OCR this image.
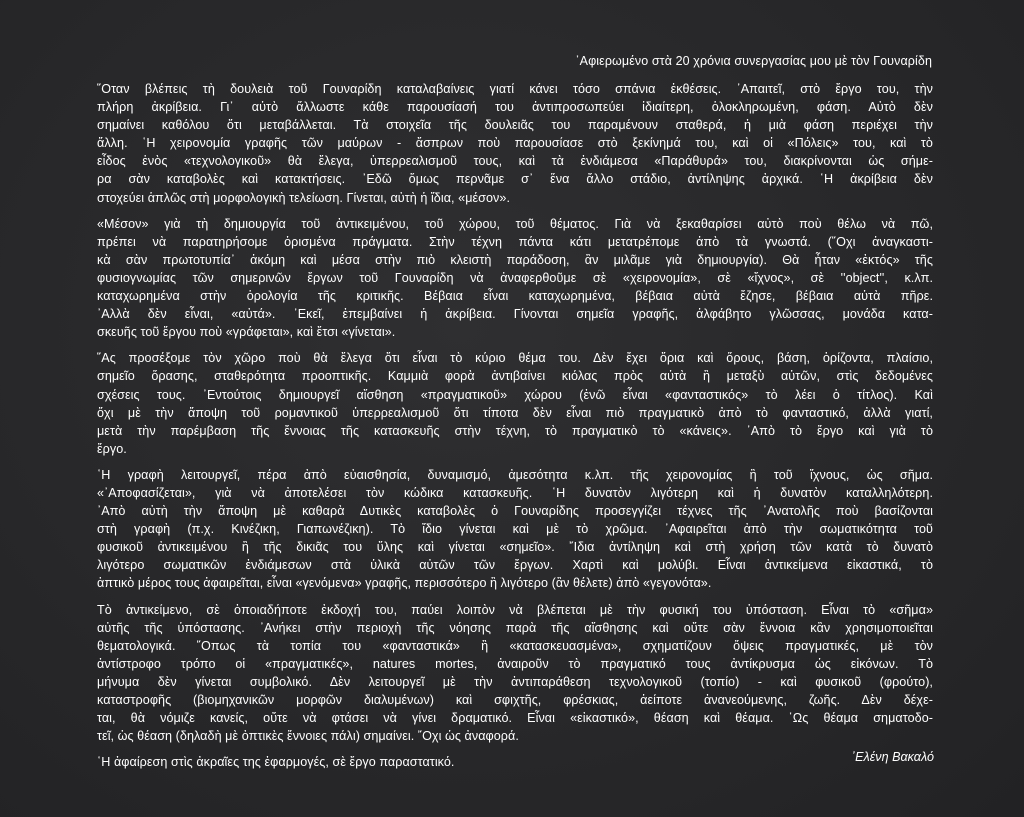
᾿Αφιερωμένο στὰ 20 χρόνια συνεργασίας μου μὲ τὸν Γουναρίδη
῞Οταν βλέπεις τὴ δουλειὰ τοῦ Γουναρίδη καταλαβαίνεις γιατί κάνει τόσο σπάνια ἐκθέσεις. ᾿Απαιτεῖ, στὸ ἔργο του, τὴν
πλήρη ἀκρίβεια. Γι᾿ αὐτὸ ἄλλωστε κάθε παρουσίασή του ἀντιπροσωπεύει ἰδιαίτερη, ὁλοκληρωμένη, φάση. Αὐτὸ δὲν
σημαίνει καθόλου ὅτι μεταβάλλεται. Τὰ στοιχεῖα τῆς δουλειᾶς του παραμένουν σταθερά, ἡ μιὰ φάση περιέχει τὴν
ἄλλη. ῾Η χειρονομία γραφῆς τῶν μαύρων - ἄσπρων ποὺ παρουσίασε στὸ ξεκίνημά του, καὶ οἱ «Πόλεις» του, καὶ τὸ
εἶδος ἑνὸς «τεχνολογικοῦ» θὰ ἔλεγα, ὑπερρεαλισμοῦ τους, καὶ τὰ ἐνδιάμεσα «Παράθυρά» του, διακρίνονται ὡς σήμε-
ρα σὰν καταβολὲς καὶ κατακτήσεις. ᾿Εδῶ ὅμως περνᾶμε σ᾿ ἕνα ἄλλο στάδιο, ἀντίληψης ἀρχικά. ῾Η ἀκρίβεια δὲν
στοχεύει ἁπλῶς στὴ μορφολογικὴ τελείωση. Γίνεται, αὐτὴ ἡ ἴδια, «μέσον».
«Μέσον» γιὰ τὴ δημιουργία τοῦ ἀντικειμένου, τοῦ χώρου, τοῦ θέματος. Γιὰ νὰ ξεκαθαρίσει αὐτὸ ποὺ θέλω νὰ πῶ,
πρέπει νὰ παρατηρήσομε ὁρισμένα πράγματα. Στὴν τέχνη πάντα κάτι μετατρέπομε ἀπὸ τὰ γνωστά. (῞Οχι ἀναγκαστι-
κὰ σὰν πρωτοτυπία᾿ ἀκόμη καὶ μέσα στὴν πιὸ κλειστὴ παράδοση, ἂν μιλᾶμε γιὰ δημιουργία). Θὰ ἦταν «ἐκτός» τῆς
φυσιογνωμίας τῶν σημερινῶν ἔργων τοῦ Γουναρίδη νὰ ἀναφερθοῦμε σὲ «χειρονομία», σὲ «ἴχνος», σὲ ''object'', κ.λπ.
καταχωρημένα στὴν ὁρολογία τῆς κριτικῆς. Βέβαια εἶναι καταχωρημένα, βέβαια αὐτὰ ἔζησε, βέβαια αὐτὰ πῆρε.
᾿Αλλὰ δὲν εἶναι, «αὐτά». ᾿Εκεῖ, ἐπεμβαίνει ἡ ἀκρίβεια. Γίνονται σημεῖα γραφῆς, ἀλφάβητο γλῶσσας, μονάδα κατα-
σκευῆς τοῦ ἔργου ποὺ «γράφεται», καὶ ἔτσι «γίνεται».
῞Ας προσέξομε τὸν χῶρο ποὺ θὰ ἔλεγα ὅτι εἶναι τὸ κύριο θέμα του. Δὲν ἔχει ὅρια καὶ ὅρους, βάση, ὁρίζοντα, πλαίσιο,
σημεῖο ὅρασης, σταθερότητα προοπτικῆς. Καμμιὰ φορὰ ἀντιβαίνει κιόλας πρὸς αὐτὰ ἢ μεταξὺ αὐτῶν, στὶς δεδομένες
σχέσεις τους. ᾿Εντούτοις δημιουργεῖ αἴσθηση «πραγματικοῦ» χώρου (ἐνῶ εἶναι «φανταστικός» τὸ λέει ὁ τίτλος). Καὶ
ὄχι μὲ τὴν ἄποψη τοῦ ρομαντικοῦ ὑπερρεαλισμοῦ ὅτι τίποτα δὲν εἶναι πιὸ πραγματικὸ ἀπὸ τὸ φανταστικό, ἀλλὰ γιατί,
μετὰ τὴν παρέμβαση τῆς ἔννοιας τῆς κατασκευῆς στὴν τέχνη, τὸ πραγματικὸ τὸ «κάνεις». ᾿Απὸ τὸ ἔργο καὶ γιὰ τὸ
ἔργο.
῾Η γραφὴ λειτουργεῖ, πέρα ἀπὸ εὐαισθησία, δυναμισμό, ἀμεσότητα κ.λπ. τῆς χειρονομίας ἢ τοῦ ἴχνους, ὡς σῆμα.
«᾿Αποφασίζεται», γιὰ νὰ ἀποτελέσει τὸν κώδικα κατασκευῆς. ῾Η δυνατὸν λιγότερη καὶ ἡ δυνατὸν καταλληλότερη.
᾿Απὸ αὐτὴ τὴν ἄποψη μὲ καθαρὰ Δυτικὲς καταβολὲς ὁ Γουναρίδης προσεγγίζει τέχνες τῆς ᾿Ανατολῆς ποὺ βασίζονται
στὴ γραφὴ (π.χ. Κινέζικη, Γιαπωνέζικη). Τὸ ἴδιο γίνεται καὶ μὲ τὸ χρῶμα. ᾿Αφαιρεῖται ἀπὸ τὴν σωματικότητα τοῦ
φυσικοῦ ἀντικειμένου ἢ τῆς δικιᾶς του ὕλης καὶ γίνεται «σημεῖο». ῎Ιδια ἀντίληψη καὶ στὴ χρήση τῶν κατὰ τὸ δυνατὸ
λιγότερο σωματικῶν ἐνδιάμεσων στὰ ὑλικὰ αὐτῶν τῶν ἔργων. Χαρτὶ καὶ μολύβι. Εἶναι ἀντικείμενα εἰκαστικά, τὸ
ἁπτικὸ μέρος τους ἀφαιρεῖται, εἶναι «γενόμενα» γραφῆς, περισσότερο ἢ λιγότερο (ἂν θέλετε) ἀπὸ «γεγονότα».
Τὸ ἀντικείμενο, σὲ ὁποιαδήποτε ἐκδοχή του, παύει λοιπὸν νὰ βλέπεται μὲ τὴν φυσική του ὑπόσταση. Εἶναι τὸ «σῆμα»
αὐτῆς τῆς ὑπόστασης. ᾿Ανήκει στὴν περιοχὴ τῆς νόησης παρὰ τῆς αἴσθησης καὶ οὔτε σὰν ἔννοια κἂν χρησιμοποιεῖται
θεματολογικά. ῞Οπως τὰ τοπία του «φανταστικά» ἢ «κατασκευασμένα», σχηματίζουν ὄψεις πραγματικές, μὲ τὸν
ἀντίστροφο τρόπο οἱ «πραγματικές», natures mortes, ἀναιροῦν τὸ πραγματικό τους ἀντίκρυσμα ὡς εἰκόνων. Τὸ
μήνυμα δὲν γίνεται συμβολικό. Δὲν λειτουργεῖ μὲ τὴν ἀντιπαράθεση τεχνολογικοῦ (τοπίο) - καὶ φυσικοῦ (φρούτο),
καταστροφῆς (βιομηχανικῶν μορφῶν διαλυμένων) καὶ σφιχτῆς, φρέσκιας, ἀείποτε ἀνανεούμενης, ζωῆς. Δὲν δέχε-
ται, θὰ νόμιζε κανείς, οὔτε νὰ φτάσει νὰ γίνει δραματικό. Εἶναι «εἰκαστικό», θέαση καὶ θέαμα. ῾Ως θέαμα σηματοδο-
τεῖ, ὡς θέαση (δηλαδὴ μὲ ὀπτικὲς ἔννοιες πάλι) σημαίνει. ῎Οχι ὡς ἀναφορά.
῾Η ἀφαίρεση στὶς ἀκραῖες της ἐφαρμογές, σὲ ἔργο παραστατικό.	᾿Ελένη Βακαλό
